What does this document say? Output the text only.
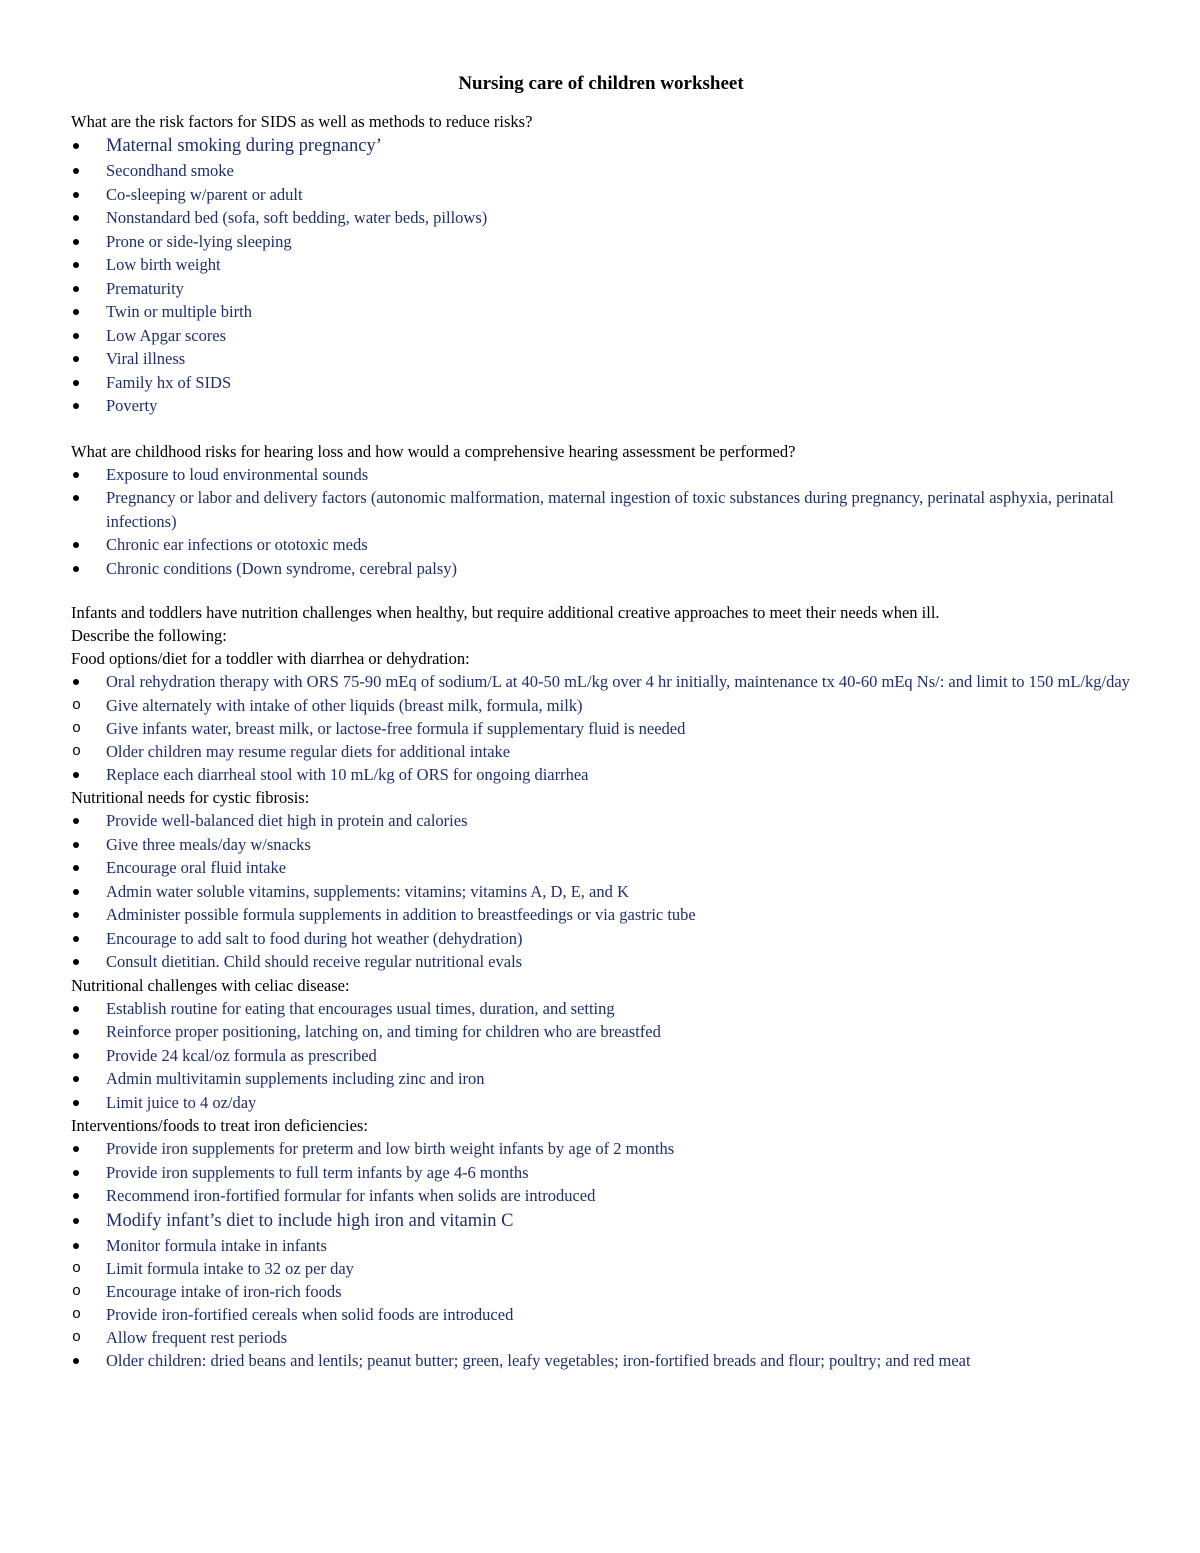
Nursing care of children worksheet
What are the risk factors for SIDS as well as methods to reduce risks?
Maternal smoking during pregnancy’
Secondhand smoke
Co-sleeping w/parent or adult
Nonstandard bed (sofa, soft bedding, water beds, pillows)
Prone or side-lying sleeping
Low birth weight
Prematurity
Twin or multiple birth
Low Apgar scores
Viral illness
Family hx of SIDS
Poverty
What are childhood risks for hearing loss and how would a comprehensive hearing assessment be performed?
Exposure to loud environmental sounds
Pregnancy or labor and delivery factors (autonomic malformation, maternal ingestion of toxic substances during pregnancy, perinatal asphyxia, perinatal infections)
Chronic ear infections or ototoxic meds
Chronic conditions (Down syndrome, cerebral palsy)
Infants and toddlers have nutrition challenges when healthy, but require additional creative approaches to meet their needs when ill.
Describe the following:
Food options/diet for a toddler with diarrhea or dehydration:
Oral rehydration therapy with ORS 75-90 mEq of sodium/L at 40-50 mL/kg over 4 hr initially, maintenance tx 40-60 mEq Ns/: and limit to 150 mL/kg/day
o Give alternately with intake of other liquids (breast milk, formula, milk)
o Give infants water, breast milk, or lactose-free formula if supplementary fluid is needed
o Older children may resume regular diets for additional intake
Replace each diarrheal stool with 10 mL/kg of ORS for ongoing diarrhea
Nutritional needs for cystic fibrosis:
Provide well-balanced diet high in protein and calories
Give three meals/day w/snacks
Encourage oral fluid intake
Admin water soluble vitamins, supplements: vitamins; vitamins A, D, E, and K
Administer possible formula supplements in addition to breastfeedings or via gastric tube
Encourage to add salt to food during hot weather (dehydration)
Consult dietitian. Child should receive regular nutritional evals
Nutritional challenges with celiac disease:
Establish routine for eating that encourages usual times, duration, and setting
Reinforce proper positioning, latching on, and timing for children who are breastfed
Provide 24 kcal/oz formula as prescribed
Admin multivitamin supplements including zinc and iron
Limit juice to 4 oz/day
Interventions/foods to treat iron deficiencies:
Provide iron supplements for preterm and low birth weight infants by age of 2 months
Provide iron supplements to full term infants by age 4-6 months
Recommend iron-fortified formular for infants when solids are introduced
Modify infant’s diet to include high iron and vitamin C
Monitor formula intake in infants
o Limit formula intake to 32 oz per day
o Encourage intake of iron-rich foods
o Provide iron-fortified cereals when solid foods are introduced
o Allow frequent rest periods
Older children: dried beans and lentils; peanut butter; green, leafy vegetables; iron-fortified breads and flour; poultry; and red meat
